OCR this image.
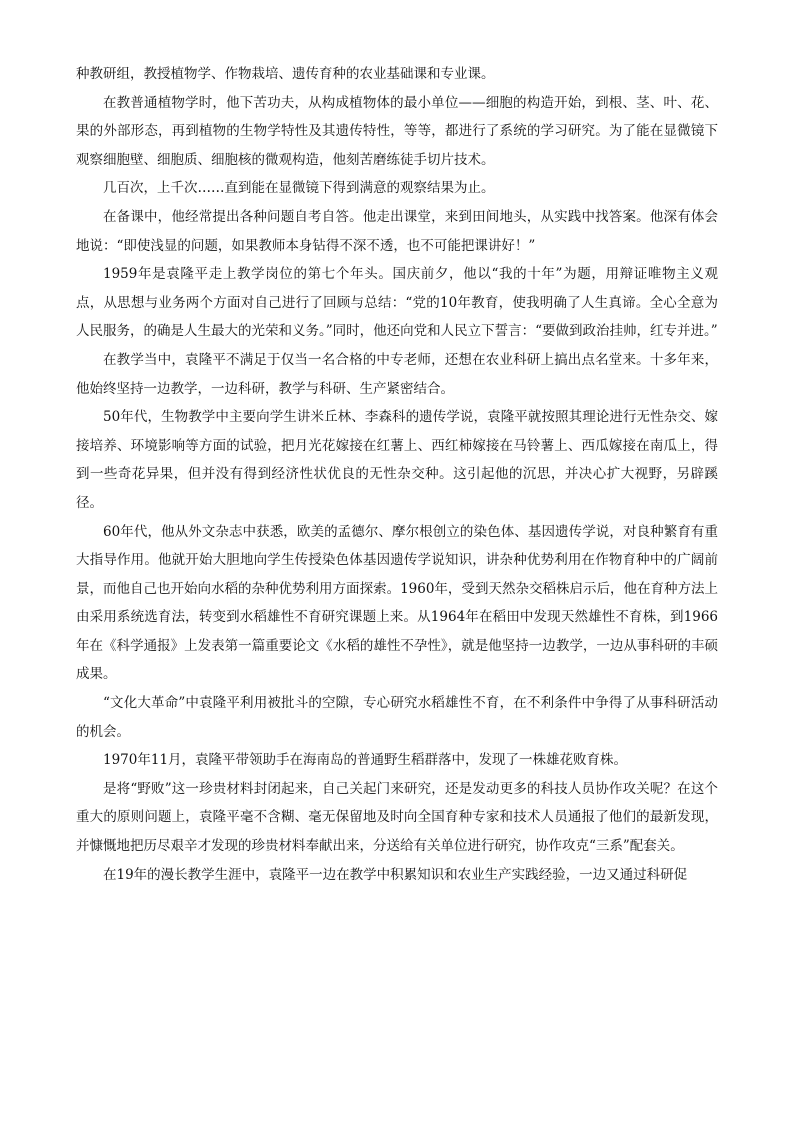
种教研组，教授植物学、作物栽培、遗传育种的农业基础课和专业课。

在教普通植物学时，他下苦功夫，从构成植物体的最小单位——细胞的构造开始，到根、茎、叶、花、果的外部形态，再到植物的生物学特性及其遗传特性，等等，都进行了系统的学习研究。为了能在显微镜下观察细胞壁、细胞质、细胞核的微观构造，他刻苦磨练徒手切片技术。

几百次，上千次……直到能在显微镜下得到满意的观察结果为止。

在备课中，他经常提出各种问题自考自答。他走出课堂，来到田间地头，从实践中找答案。他深有体会地说：“即使浅显的问题，如果教师本身钻得不深不透，也不可能把课讲好！”

1959年是袁隆平走上教学岗位的第七个年头。国庆前夕，他以“我的十年”为题，用辩证唯物主义观点，从思想与业务两个方面对自己进行了回顾与总结：“党的10年教育，使我明确了人生真谛。全心全意为人民服务，的确是人生最大的光荣和义务。”同时，他还向党和人民立下誓言：“要做到政治挂帅，红专并进。”

在教学当中，袁隆平不满足于仅当一名合格的中专老师，还想在农业科研上搞出点名堂来。十多年来，他始终坚持一边教学，一边科研，教学与科研、生产紧密结合。

50年代，生物教学中主要向学生讲米丘林、李森科的遗传学说，袁隆平就按照其理论进行无性杂交、嫁接培养、环境影响等方面的试验，把月光花嫁接在红薯上、西红柿嫁接在马铃薯上、西瓜嫁接在南瓜上，得到一些奇花异果，但并没有得到经济性状优良的无性杂交种。这引起他的沉思，并决心扩大视野，另辟蹊径。

60年代，他从外文杂志中获悉，欧美的孟德尔、摩尔根创立的染色体、基因遗传学说，对良种繁育有重大指导作用。他就开始大胆地向学生传授染色体基因遗传学说知识，讲杂种优势利用在作物育种中的广阔前景，而他自己也开始向水稻的杂种优势利用方面探索。1960年，受到天然杂交稻株启示后，他在育种方法上由采用系统选育法，转变到水稻雄性不育研究课题上来。从1964年在稻田中发现天然雄性不育株，到1966年在《科学通报》上发表第一篇重要论文《水稻的雄性不孕性》，就是他坚持一边教学，一边从事科研的丰硕成果。

“文化大革命”中袁隆平利用被批斗的空隙，专心研究水稻雄性不育，在不利条件中争得了从事科研活动的机会。

1970年11月，袁隆平带领助手在海南岛的普通野生稻群落中，发现了一株雄花败育株。

是将“野败”这一珍贵材料封闭起来，自己关起门来研究，还是发动更多的科技人员协作攻关呢？在这个重大的原则问题上，袁隆平毫不含糊、毫无保留地及时向全国育种专家和技术人员通报了他们的最新发现，并慷慨地把历尽艰辛才发现的珍贵材料奉献出来，分送给有关单位进行研究，协作攻克“三系”配套关。

在19年的漫长教学生涯中，袁隆平一边在教学中积累知识和农业生产实践经验，一边又通过科研促
